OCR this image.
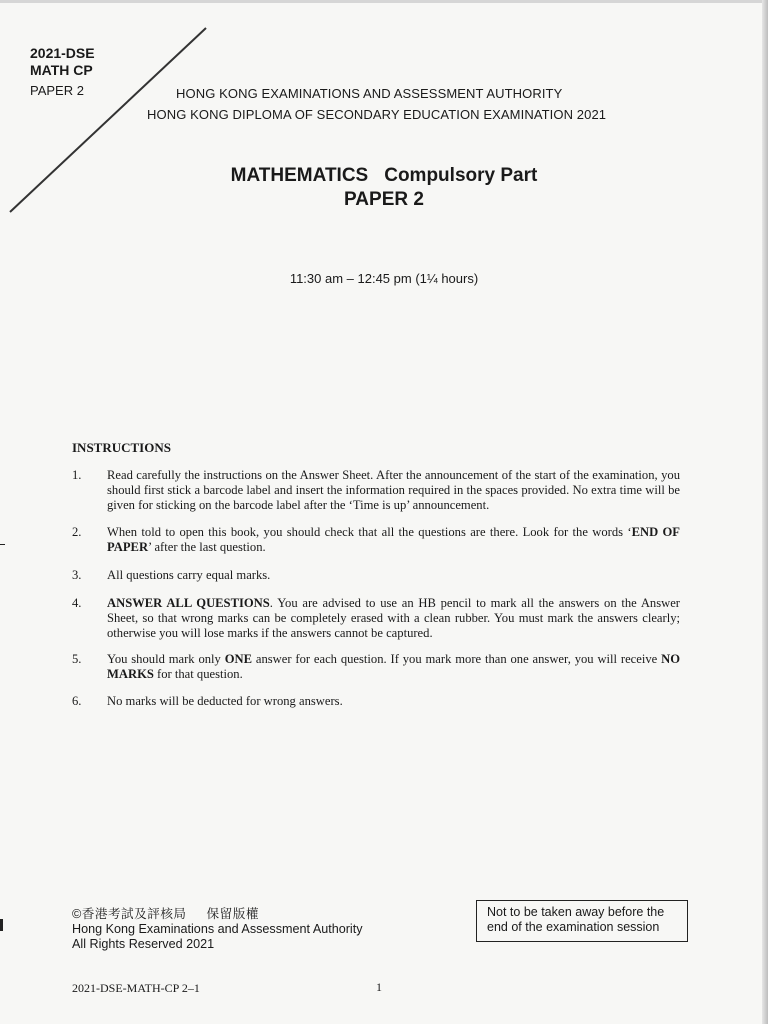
2021-DSE
MATH CP
PAPER 2	HONG KONG EXAMINATIONS AND ASSESSMENT AUTHORITY
HONG KONG DIPLOMA OF SECONDARY EDUCATION EXAMINATION 2021
MATHEMATICS Compulsory Part
PAPER 2
11:30 am – 12:45 pm (1¼ hours)
INSTRUCTIONS
1.	Read carefully the instructions on the Answer Sheet. After the announcement of the start of the examination, you should first stick a barcode label and insert the information required in the spaces provided. No extra time will be given for sticking on the barcode label after the ‘Time is up’ announcement.
2.	When told to open this book, you should check that all the questions are there. Look for the words ‘END OF PAPER’ after the last question.
3.	All questions carry equal marks.
4.	ANSWER ALL QUESTIONS. You are advised to use an HB pencil to mark all the answers on the Answer Sheet, so that wrong marks can be completely erased with a clean rubber. You must mark the answers clearly; otherwise you will lose marks if the answers cannot be captured.
5.	You should mark only ONE answer for each question. If you mark more than one answer, you will receive NO MARKS for that question.
6.	No marks will be deducted for wrong answers.
©香港考試及評核局 保留版權
Hong Kong Examinations and Assessment Authority
All Rights Reserved 2021
Not to be taken away before the
end of the examination session
2021-DSE-MATH-CP 2–1	1
